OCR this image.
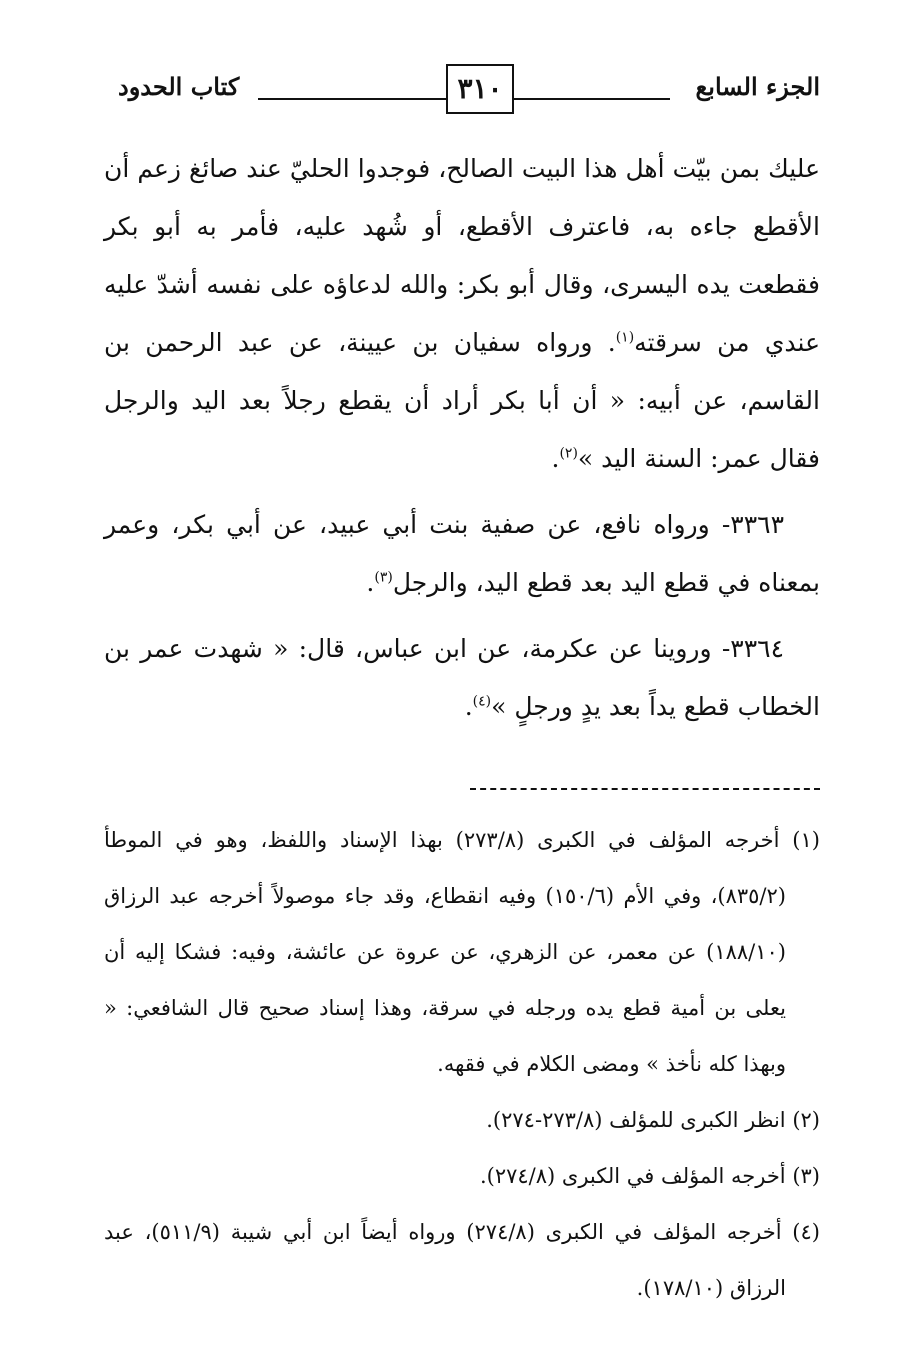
الجزء السابع
٣١٠
كتاب الحدود

عليك بمن بيّت أهل هذا البيت الصالح، فوجدوا الحليّ عند صائغ زعم أن الأقطع جاءه به، فاعترف الأقطع، أو شُهد عليه، فأمر به أبو بكر فقطعت يده اليسرى، وقال أبو بكر: والله لدعاؤه على نفسه أشدّ عليه عندي من سرقته$^{(١)}$. ورواه سفيان بن عيينة، عن عبد الرحمن بن القاسم، عن أبيه: « أن أبا بكر أراد أن يقطع رجلاً بعد اليد والرجل فقال عمر: السنة اليد »$^{(٢)}$.

٣٣٦٣- ورواه نافع، عن صفية بنت أبي عبيد، عن أبي بكر، وعمر بمعناه في قطع اليد بعد قطع اليد، والرجل$^{(٣)}$.

٣٣٦٤- وروينا عن عكرمة، عن ابن عباس، قال: « شهدت عمر بن الخطاب قطع يداً بعد يدٍ ورجلٍ »$^{(٤)}$.

(١) أخرجه المؤلف في الكبرى (٢٧٣/٨) بهذا الإسناد واللفظ، وهو في الموطأ (٨٣٥/٢)، وفي الأم (١٥٠/٦) وفيه انقطاع، وقد جاء موصولاً أخرجه عبد الرزاق (١٨٨/١٠) عن معمر، عن الزهري، عن عروة عن عائشة، وفيه: فشكا إليه أن يعلى بن أمية قطع يده ورجله في سرقة، وهذا إسناد صحيح قال الشافعي: « وبهذا كله نأخذ » ومضى الكلام في فقهه.

(٢) انظر الكبرى للمؤلف (٢٧٣/٨-٢٧٤).

(٣) أخرجه المؤلف في الكبرى (٢٧٤/٨).

(٤) أخرجه المؤلف في الكبرى (٢٧٤/٨) ورواه أيضاً ابن أبي شيبة (٥١١/٩)، عبد الرزاق (١٧٨/١٠).
